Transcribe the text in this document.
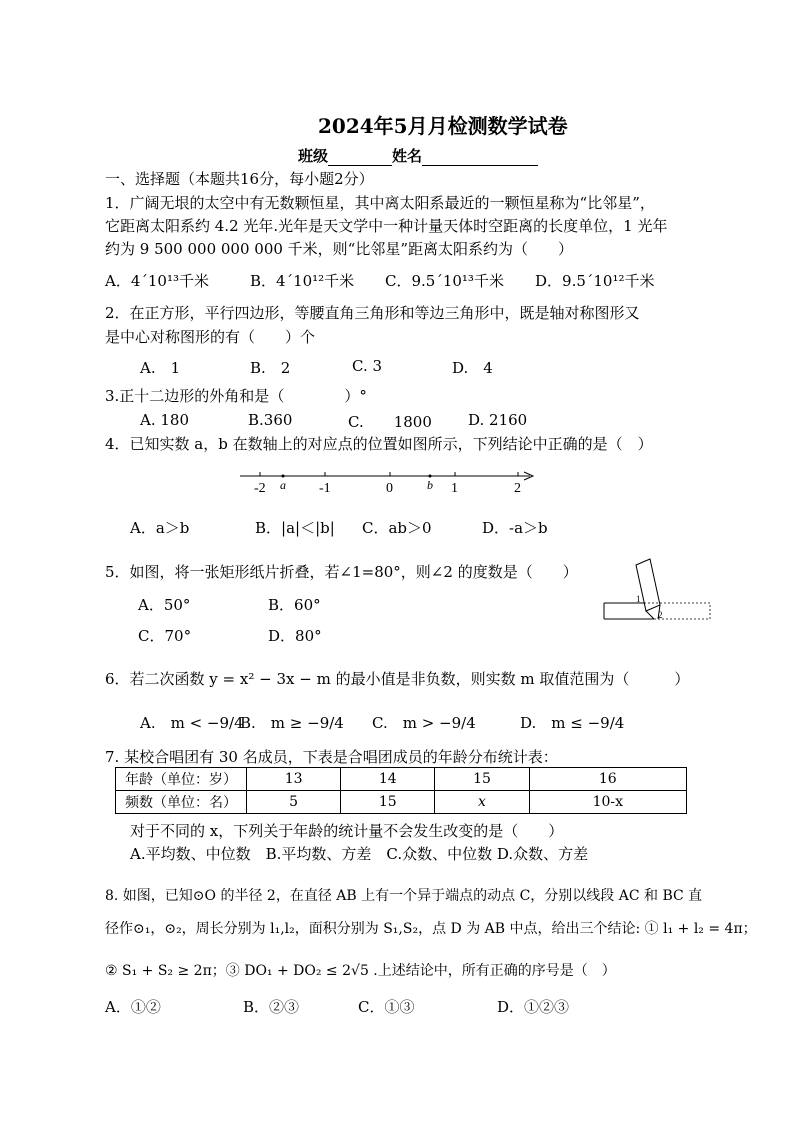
2024年5月月检测数学试卷
班级	姓名
一、选择题（本题共16分，每小题2分）
1．广阔无垠的太空中有无数颗恒星，其中离太阳系最近的一颗恒星称为“比邻星”，
它距离太阳系约 4.2 光年.光年是天文学中一种计量天体时空距离的长度单位，1 光年
约为 9 500 000 000 000 千米，则“比邻星”距离太阳系约为（　　）
A．4´10¹³千米	B．4´10¹²千米 C．9.5´10¹³千米 D．9.5´10¹²千米
2．在正方形，平行四边形，等腰直角三角形和等边三角形中，既是轴对称图形又
是中心对称图形的有（　　）个
A.　1	B.　2	C. 3	D.　4
3.正十二边形的外角和是（　　　　）°
A. 180	B.360	C.　　1800 D. 2160
4．已知实数 a，b 在数轴上的对应点的位置如图所示，下列结论中正确的是（　）
-2	-1	0	1	2
a	b
A．a＞b	B．|a|＜|b| C．ab＞0	D．-a＞b
5．如图，将一张矩形纸片折叠，若∠1=80°，则∠2 的度数是（　　）
A．50°	B．60°
C．70°	D．80°
1
2
6．若二次函数 y = x² − 3x − m 的最小值是非负数，则实数 m 取值范围为（　　　）
A.　m < −9/4
B.　m ≥ −9/4 C.　m > −9/4	D.　m ≤ −9/4
7. 某校合唱团有 30 名成员，下表是合唱团成员的年龄分布统计表：
年龄（单位：岁）	13	14	15	16
频数（单位：名）	5	15	x	10-x
对于不同的 x，下列关于年龄的统计量不会发生改变的是（　　）
A.平均数、中位数　B.平均数、方差　C.众数、中位数 D.众数、方差
8. 如图，已知⊙O 的半径 2，在直径 AB 上有一个异于端点的动点 C，分别以线段 AC 和 BC 直
径作⊙₁，⊙₂，周长分别为 l₁,l₂，面积分别为 S₁,S₂，点 D 为 AB 中点，给出三个结论: ① l₁ + l₂ = 4π；
② S₁ + S₂ ≥ 2π；③ DO₁ + DO₂ ≤ 2√5 .上述结论中，所有正确的序号是（　）
A．①②	B．②③	C．①③	D．①②③
